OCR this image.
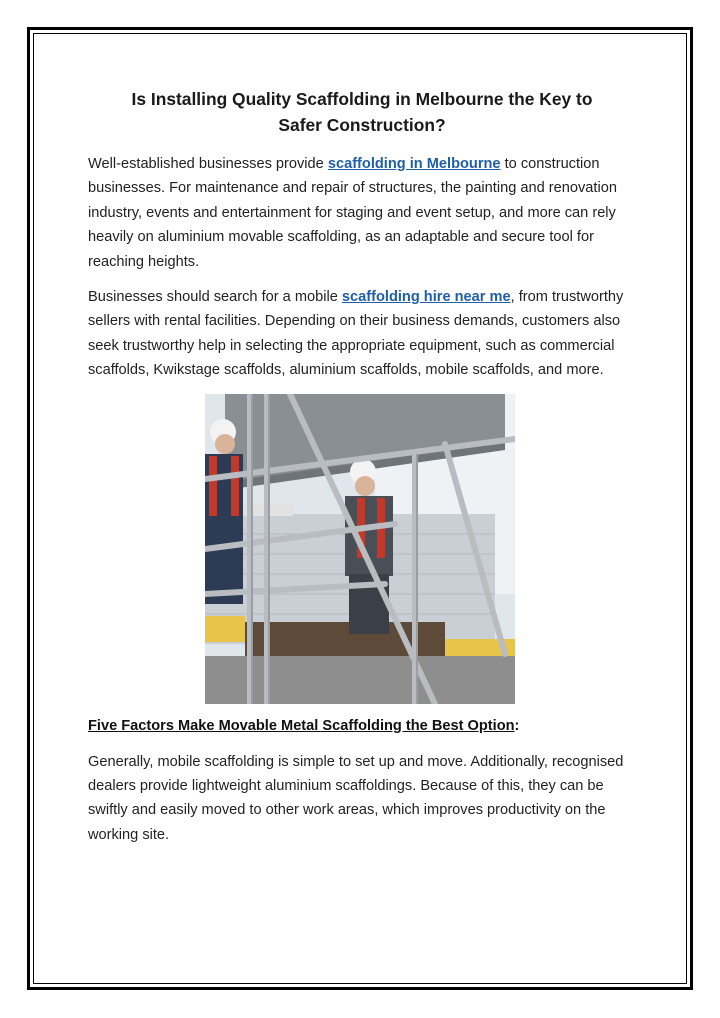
Is Installing Quality Scaffolding in Melbourne the Key to
Safer Construction?

Well-established businesses provide scaffolding in Melbourne to construction businesses. For maintenance and repair of structures, the painting and renovation industry, events and entertainment for staging and event setup, and more can rely heavily on aluminium movable scaffolding, as an adaptable and secure tool for reaching heights.

Businesses should search for a mobile scaffolding hire near me, from trustworthy sellers with rental facilities. Depending on their business demands, customers also seek trustworthy help in selecting the appropriate equipment, such as commercial scaffolds, Kwikstage scaffolds, aluminium scaffolds, mobile scaffolds, and more.

Five Factors Make Movable Metal Scaffolding the Best Option:

Generally, mobile scaffolding is simple to set up and move. Additionally, recognised dealers provide lightweight aluminium scaffoldings. Because of this, they can be swiftly and easily moved to other work areas, which improves productivity on the working site.
